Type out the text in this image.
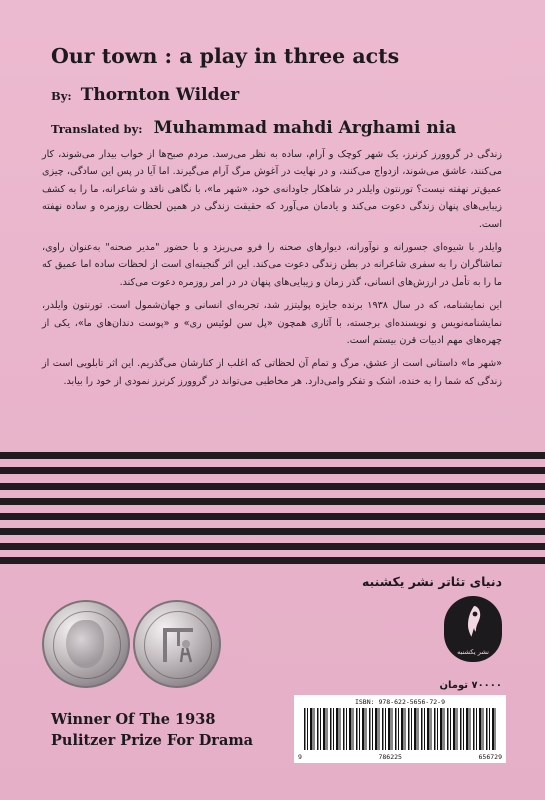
Our town : a play in three acts
By: Thornton Wilder
Translated by: Muhammad mahdi Arghami nia

زندگی در گروورز کرنرز، یک شهر کوچک و آرام، ساده به نظر می‌رسد. مردم صبح‌ها از خواب بیدار می‌شوند، کار می‌کنند، عاشق می‌شوند، ازدواج می‌کنند، و در نهایت در آغوش مرگ آرام می‌گیرند. اما آیا در پس این سادگی، چیزی عمیق‌تر نهفته نیست؟ تورنتون وایلدر در شاهکار جاودانه‌ی خود، «شهر ما»، با نگاهی ناقد و شاعرانه، ما را به کشف زیبایی‌های پنهان زندگی دعوت می‌کند و یادمان می‌آورد که حقیقت زندگی در همین لحظات روزمره و ساده نهفته است.

وایلدر با شیوه‌ای جسورانه و نوآورانه، دیوارهای صحنه را فرو می‌ریزد و با حضور "مدیر صحنه" به‌عنوان راوی، تماشاگران را به سفری شاعرانه در بطن زندگی دعوت می‌کند. این اثر گنجینه‌ای است از لحظات ساده اما عمیق که ما را به تأمل در ارزش‌های انسانی، گذر زمان و زیبایی‌های پنهان در در امر روزمره دعوت می‌کند.

این نمایشنامه، که در سال ۱۹۳۸ برنده جایزه پولیتزر شد، تجربه‌ای انسانی و جهان‌شمول است. تورنتون وایلدر، نمایشنامه‌نویس و نویسنده‌ای برجسته، با آثاری همچون «پل سن لوئیس ری» و «پوست دندان‌های ما»، یکی از چهره‌های مهم ادبیات قرن بیستم است.

«شهر ما» داستانی است از عشق، مرگ و تمام آن لحظاتی که اغلب از کنارشان می‌گذریم. این اثر تابلویی است از زندگی که شما را به خنده، اشک و تفکر وامی‌دارد. هر مخاطبی می‌تواند در گروورز کرنرز نمودی از خود را بیابد.

دنیای تئاتر نشر یکشنبه
نشر یکشنبه
۷۰۰۰۰ تومان
ISBN: 978-622-5656-72-9
9	786225	656729
Winner Of The 1938
Pulitzer Prize For Drama
